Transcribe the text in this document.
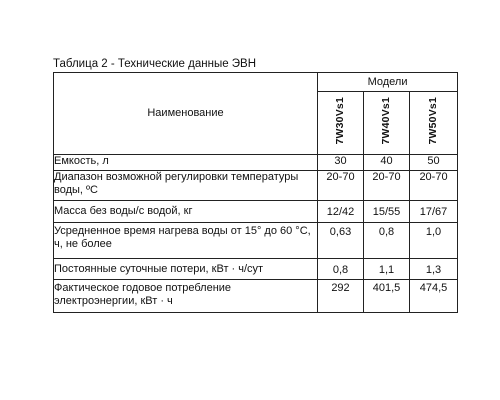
Таблица 2 - Технические данные ЭВН
Наименование	Модели		
	7W30Vs1	7W40Vs1	7W50Vs1
Емкость, л	30	40	50
Диапазон возможной регулировки температуры воды, ºС	20-70	20-70	20-70
Масса без воды/с водой, кг	12/42	15/55	17/67
Усредненное время нагрева воды от 15° до 60 °С, ч, не более	0,63	0,8	1,0
Постоянные суточные потери, кВт · ч/сут	0,8	1,1	1,3
Фактическое годовое потребление электроэнергии, кВт · ч	292	401,5	474,5
